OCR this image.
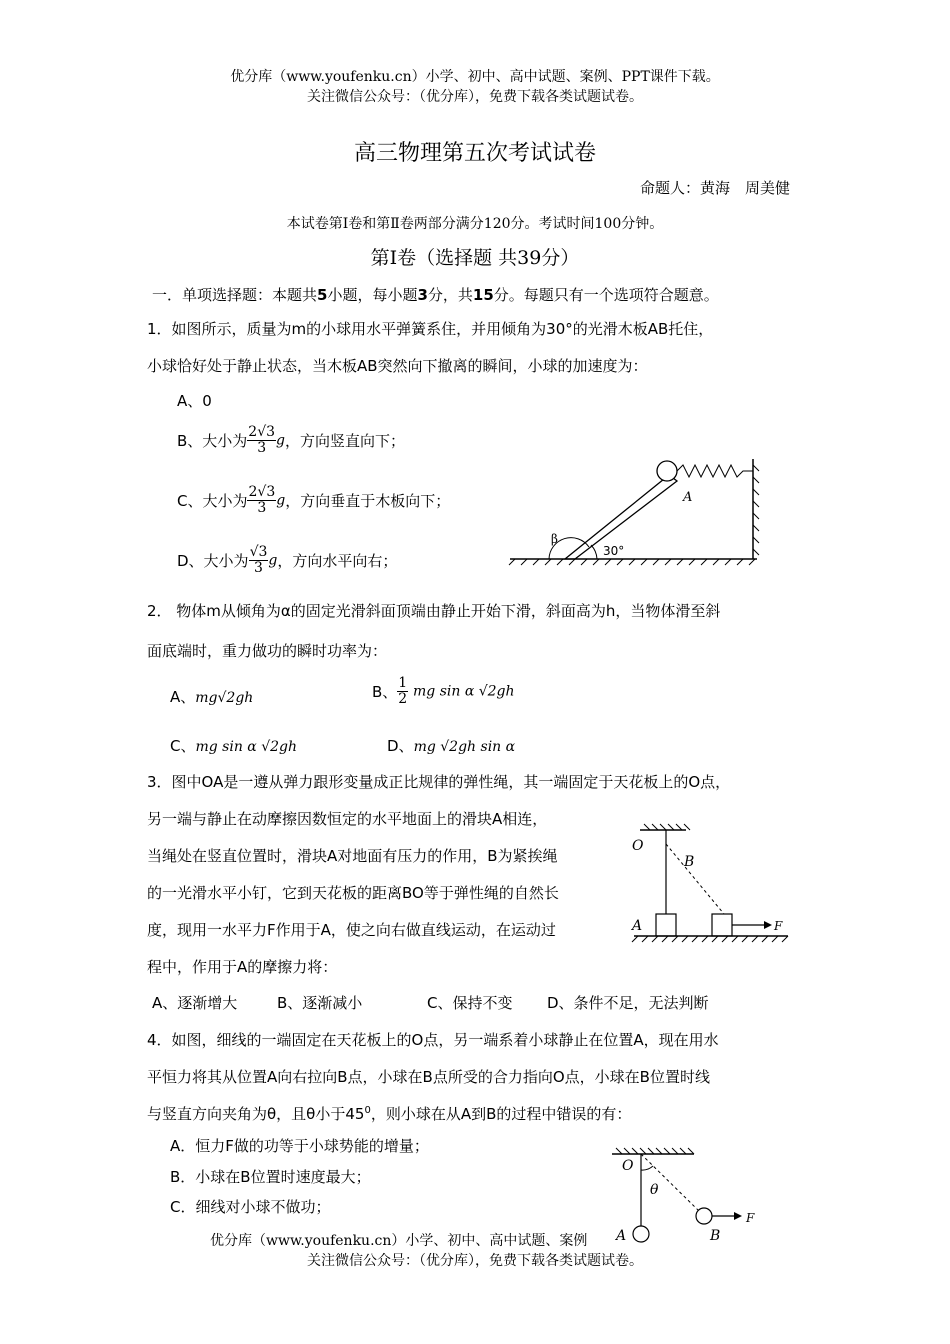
优分库（www.youfenku.cn）小学、初中、高中试题、案例、PPT课件下载。
关注微信公众号：（优分库），免费下载各类试题试卷。
高三物理第五次考试试卷
命题人：黄海　周美健
本试卷第Ⅰ卷和第Ⅱ卷两部分满分120分。考试时间100分钟。
第Ⅰ卷（选择题 共39分）
一．单项选择题：本题共5小题，每小题3分，共15分。每题只有一个选项符合题意。
1．如图所示，质量为m的小球用水平弹簧系住，并用倾角为30°的光滑木板AB托住，
小球恰好处于静止状态，当木板AB突然向下撤离的瞬间，小球的加速度为：
A、0
B、大小为 $\frac{2√3}{3}$ g，方向竖直向下；
C、大小为 $\frac{2√3}{3}$ g，方向垂直于木板向下；
D、大小为 $\frac{√3}{3}$ g，方向水平向右；
A
β
30°
2． 物体m从倾角为α的固定光滑斜面顶端由静止开始下滑，斜面高为h，当物体滑至斜
面底端时，重力做功的瞬时功率为：
A、mg√2gh	B、 $\frac{1}{2}$ mg sin α √2gh
C、mg sin α √2gh	D、mg √2gh sin α
3．图中OA是一遵从弹力跟形变量成正比规律的弹性绳，其一端固定于天花板上的O点，
另一端与静止在动摩擦因数恒定的水平地面上的滑块A相连，
当绳处在竖直位置时，滑块A对地面有压力的作用，B为紧挨绳
的一光滑水平小钉，它到天花板的距离BO等于弹性绳的自然长
度，现用一水平力F作用于A，使之向右做直线运动，在运动过
程中，作用于A的摩擦力将：
A、逐渐增大	B、逐渐减小	C、保持不变 D、条件不足，无法判断
O
B
A	F
4．如图，细线的一端固定在天花板上的O点，另一端系着小球静止在位置A，现在用水
平恒力将其从位置A向右拉向B点，小球在B点所受的合力指向O点，小球在B位置时线
与竖直方向夹角为θ，且θ小于$45^0$，则小球在从A到B的过程中错误的有：
A．恒力F做的功等于小球势能的增量；
B．小球在B位置时速度最大；
C．细线对小球不做功；
O
θ
A	B
F
优分库（www.youfenku.cn）小学、初中、高中试题、案例
关注微信公众号：（优分库），免费下载各类试题试卷。
